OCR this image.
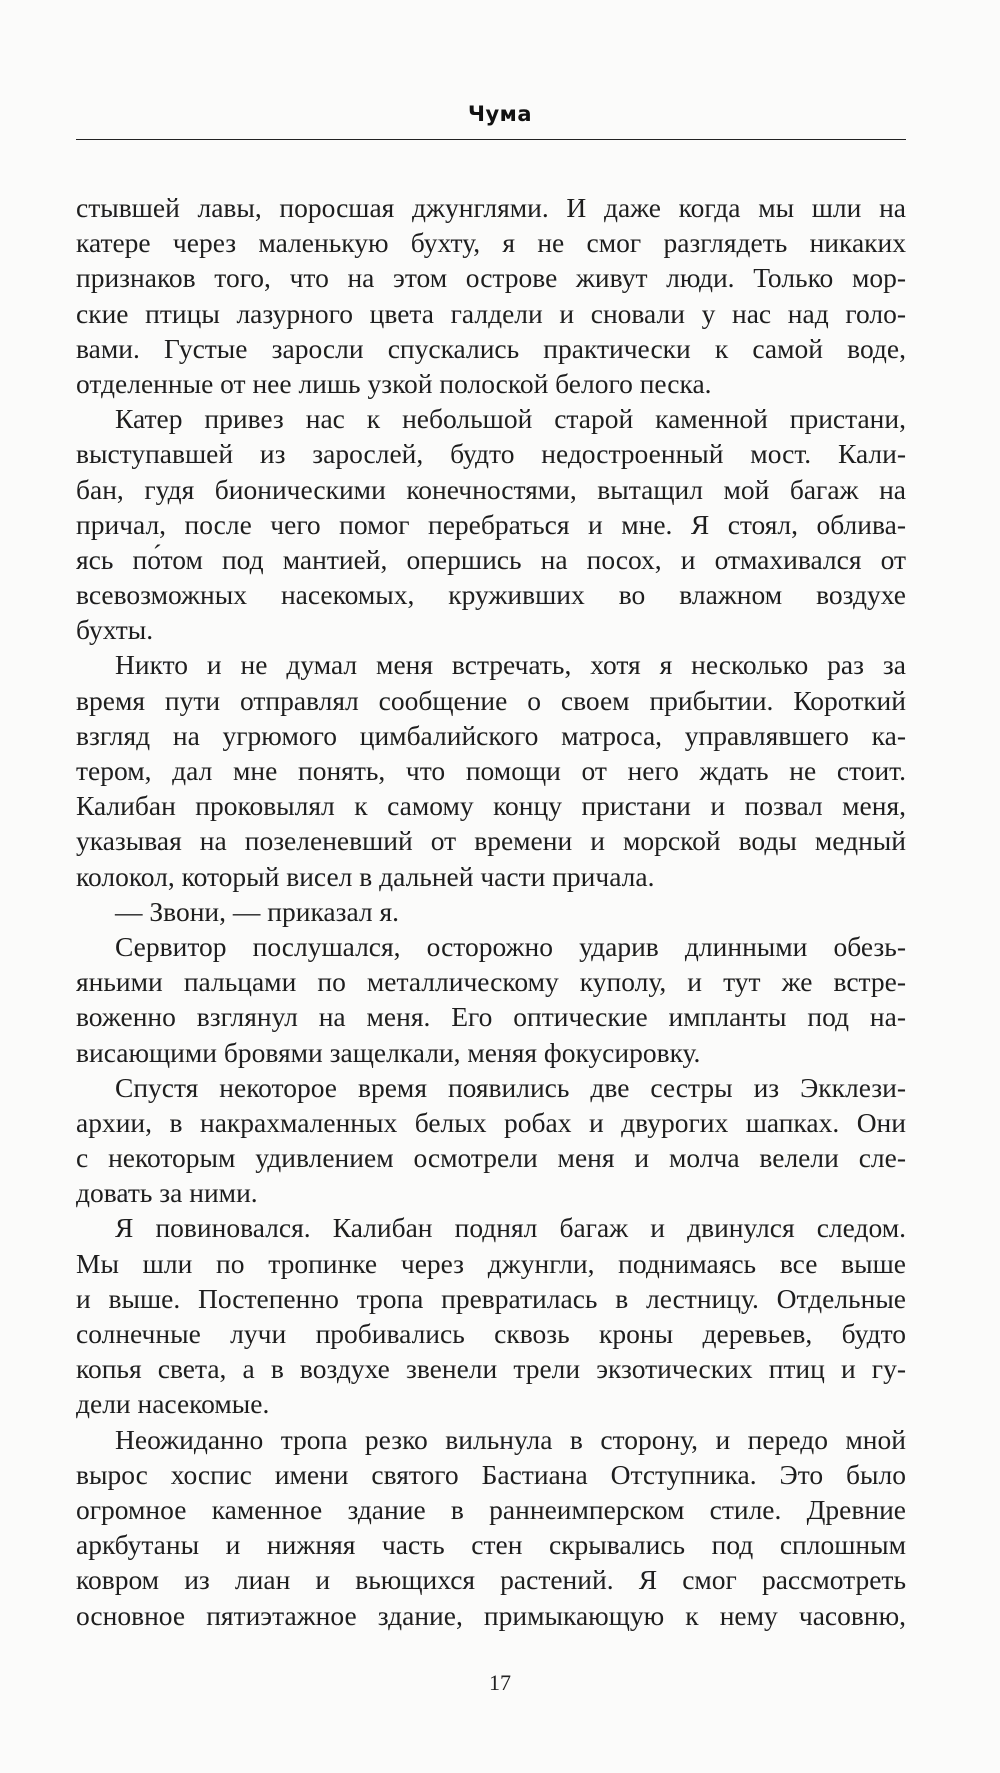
Чума
стывшей лавы, поросшая джунглями. И даже когда мы шли на
катере через маленькую бухту, я не смог разглядеть никаких
признаков того, что на этом острове живут люди. Только мор-
ские птицы лазурного цвета галдели и сновали у нас над голо-
вами. Густые заросли спускались практически к самой воде,
отделенные от нее лишь узкой полоской белого песка.
Катер привез нас к небольшой старой каменной пристани,
выступавшей из зарослей, будто недостроенный мост. Кали-
бан, гудя бионическими конечностями, вытащил мой багаж на
причал, после чего помог перебраться и мне. Я стоял, облива-
ясь по́том под мантией, опершись на посох, и отмахивался от
всевозможных насекомых, круживших во влажном воздухе
бухты.
Никто и не думал меня встречать, хотя я несколько раз за
время пути отправлял сообщение о своем прибытии. Короткий
взгляд на угрюмого цимбалийского матроса, управлявшего ка-
тером, дал мне понять, что помощи от него ждать не стоит.
Калибан проковылял к самому концу пристани и позвал меня,
указывая на позеленевший от времени и морской воды медный
колокол, который висел в дальней части причала.
— Звони, — приказал я.
Сервитор послушался, осторожно ударив длинными обезь-
яньими пальцами по металлическому куполу, и тут же встре-
воженно взглянул на меня. Его оптические импланты под на-
висающими бровями защелкали, меняя фокусировку.
Спустя некоторое время появились две сестры из Экклези-
архии, в накрахмаленных белых робах и двурогих шапках. Они
с некоторым удивлением осмотрели меня и молча велели сле-
довать за ними.
Я повиновался. Калибан поднял багаж и двинулся следом.
Мы шли по тропинке через джунгли, поднимаясь все выше
и выше. Постепенно тропа превратилась в лестницу. Отдельные
солнечные лучи пробивались сквозь кроны деревьев, будто
копья света, а в воздухе звенели трели экзотических птиц и гу-
дели насекомые.
Неожиданно тропа резко вильнула в сторону, и передо мной
вырос хоспис имени святого Бастиана Отступника. Это было
огромное каменное здание в раннеимперском стиле. Древние
аркбутаны и нижняя часть стен скрывались под сплошным
ковром из лиан и вьющихся растений. Я смог рассмотреть
основное пятиэтажное здание, примыкающую к нему часовню,
17
